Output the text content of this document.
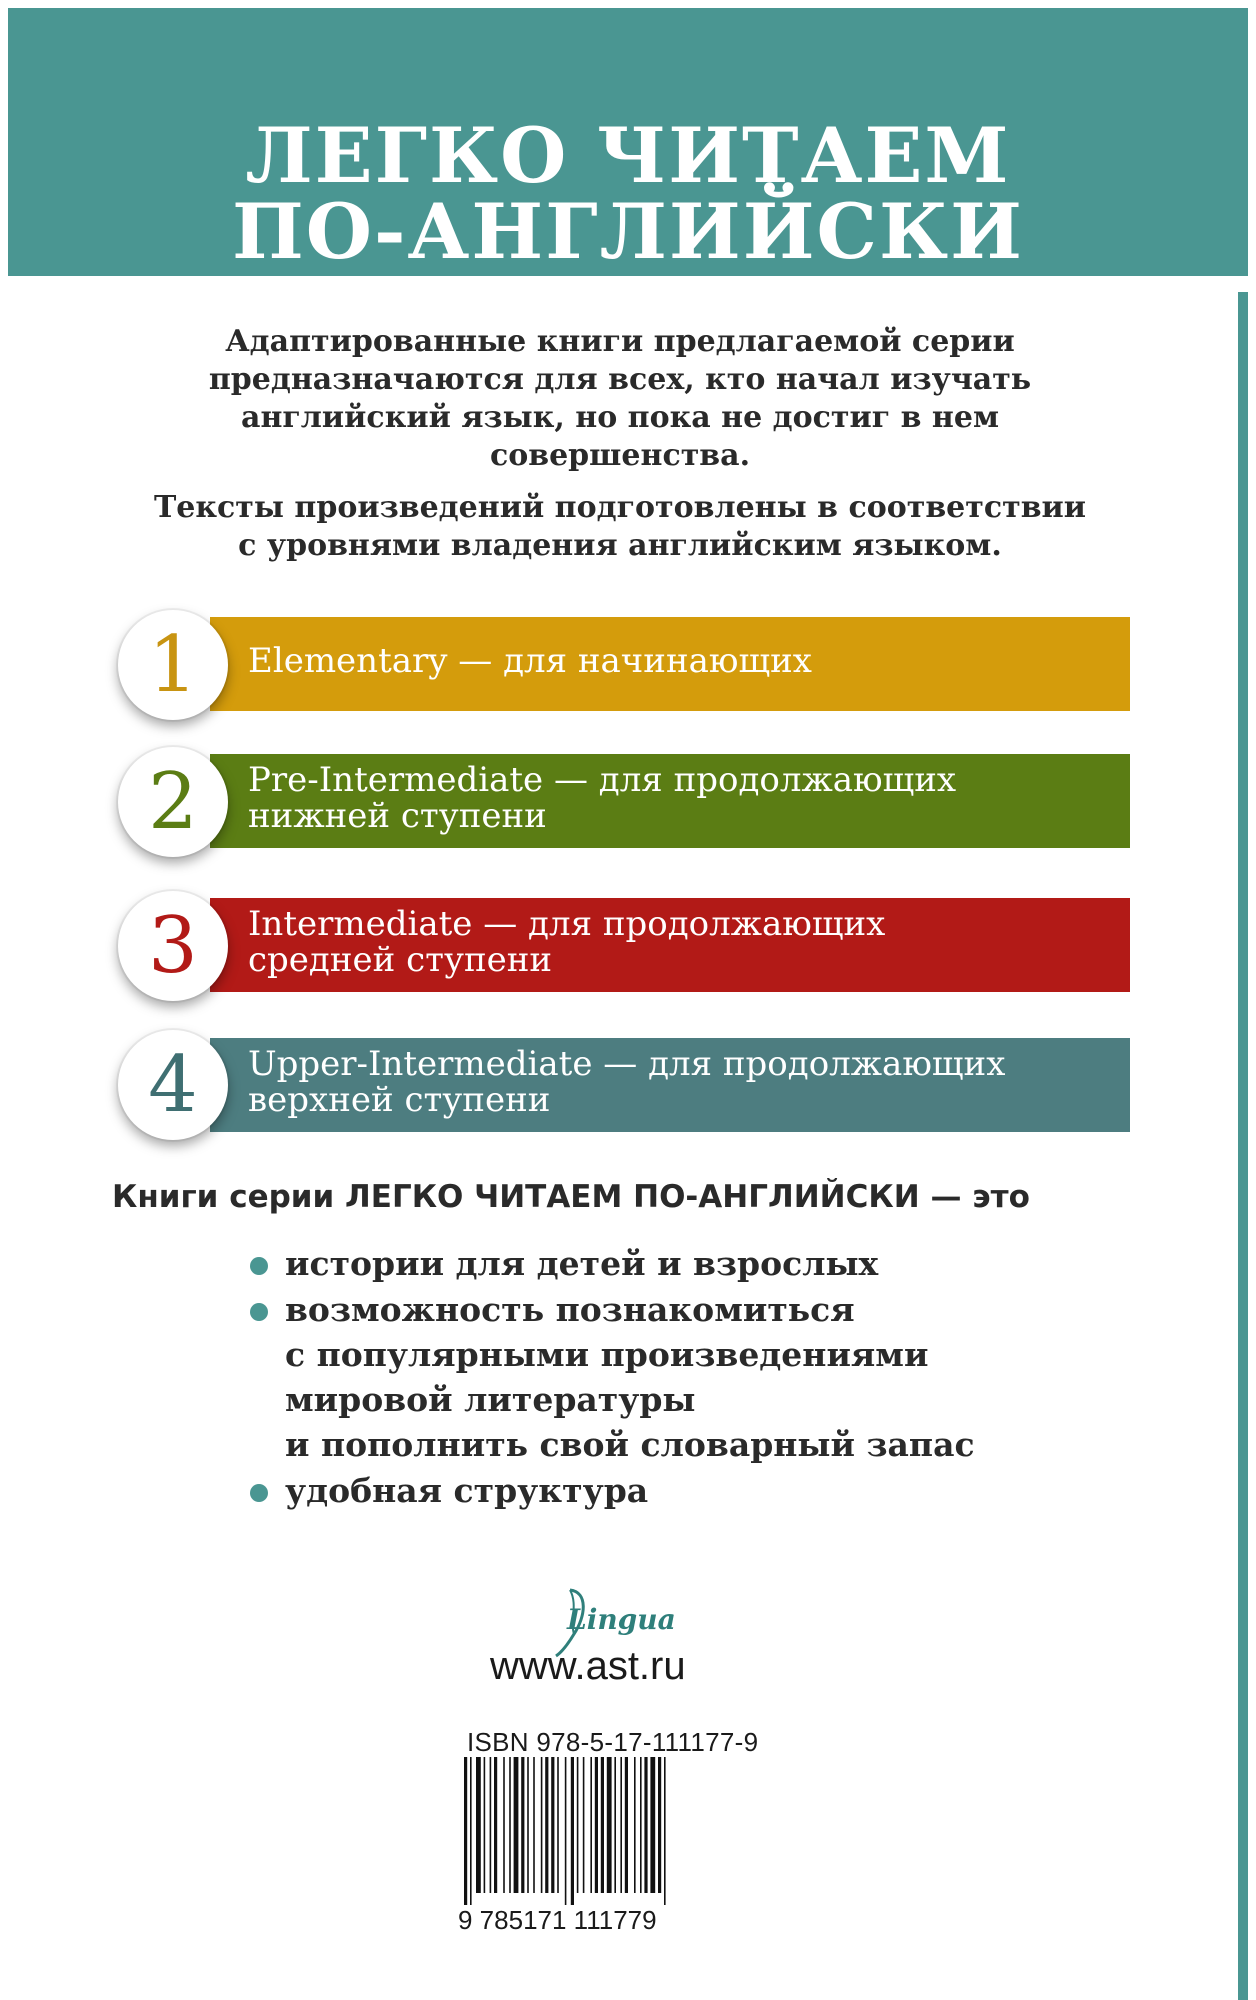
ЛЕГКО ЧИТАЕМ
ПО-АНГЛИЙСКИ
Адаптированные книги предлагаемой серии
предназначаются для всех, кто начал изучать
английский язык, но пока не достиг в нем
совершенства.
Тексты произведений подготовлены в соответствии
с уровнями владения английским языком.
Elementary — для начинающих
1
Pre-Intermediate — для продолжающих
нижней ступени
2
Intermediate — для продолжающих
средней ступени
3
Upper-Intermediate — для продолжающих
верхней ступени
4
Книги серии ЛЕГКО ЧИТАЕМ ПО-АНГЛИЙСКИ — это
истории для детей и взрослых
возможность познакомиться
с популярными произведениями
мировой литературы
и пополнить свой словарный запас
удобная структура
Lingua
www.ast.ru
ISBN 978-5-17-111177-9
9 785171 111779
